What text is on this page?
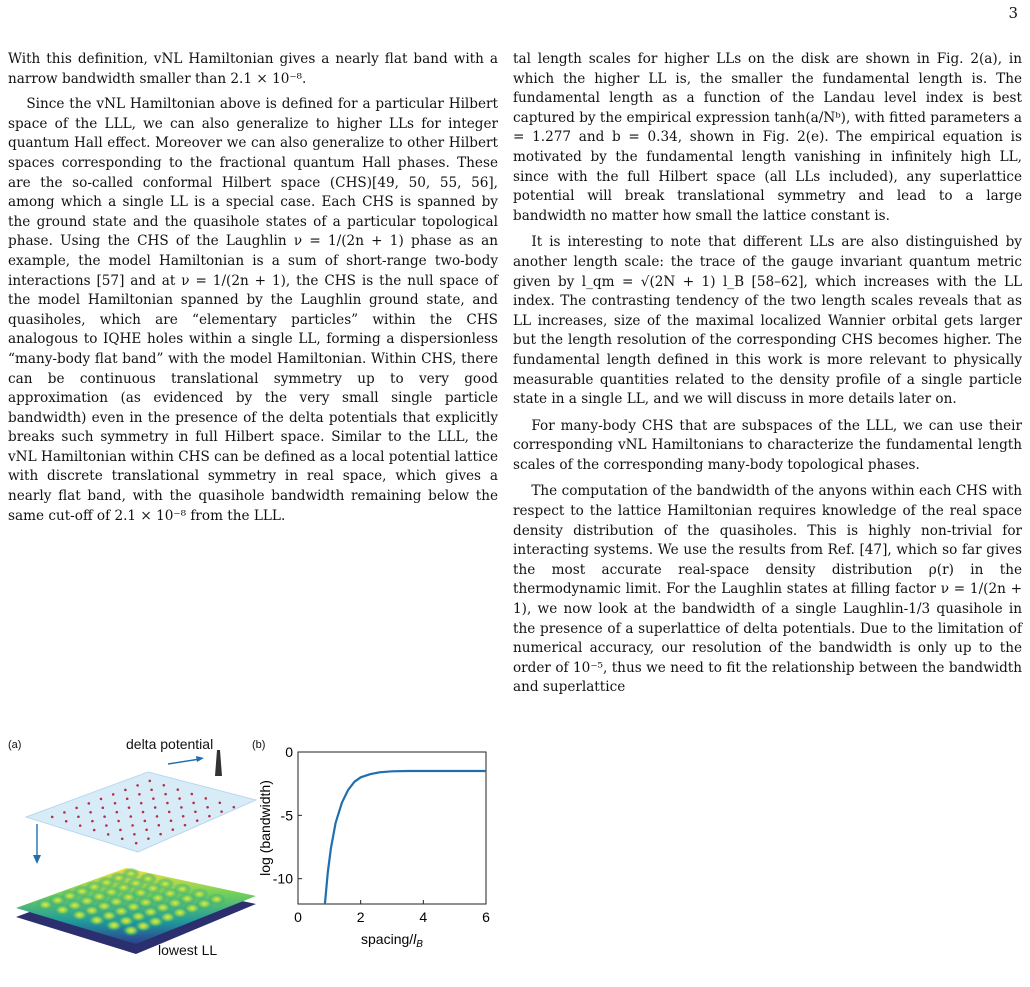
3

With this definition, vNL Hamiltonian gives a nearly flat band with a narrow bandwidth smaller than 2.1 × 10⁻⁸.

Since the vNL Hamiltonian above is defined for a particular Hilbert space of the LLL, we can also generalize to higher LLs for integer quantum Hall effect. Moreover we can also generalize to other Hilbert spaces corresponding to the fractional quantum Hall phases. These are the so-called conformal Hilbert space (CHS)[49, 50, 55, 56], among which a single LL is a special case. Each CHS is spanned by the ground state and the quasihole states of a particular topological phase. Using the CHS of the Laughlin ν = 1/(2n + 1) phase as an example, the model Hamiltonian is a sum of short-range two-body interactions [57] and at ν = 1/(2n + 1), the CHS is the null space of the model Hamiltonian spanned by the Laughlin ground state, and quasiholes, which are “elementary particles” within the CHS analogous to IQHE holes within a single LL, forming a dispersionless “many-body flat band” with the model Hamiltonian. Within CHS, there can be continuous translational symmetry up to very good approximation (as evidenced by the very small single particle bandwidth) even in the presence of the delta potentials that explicitly breaks such symmetry in full Hilbert space. Similar to the LLL, the vNL Hamiltonian within CHS can be defined as a local potential lattice with discrete translational symmetry in real space, which gives a nearly flat band, with the quasihole bandwidth remaining below the same cut-off of 2.1 × 10⁻⁸ from the LLL.

tal length scales for higher LLs on the disk are shown in Fig. 2(a), in which the higher LL is, the smaller the fundamental length is. The fundamental length as a function of the Landau level index is best captured by the empirical expression tanh(a/Nᵇ), with fitted parameters a = 1.277 and b = 0.34, shown in Fig. 2(e). The empirical equation is motivated by the fundamental length vanishing in infinitely high LL, since with the full Hilbert space (all LLs included), any superlattice potential will break translational symmetry and lead to a large bandwidth no matter how small the lattice constant is.

It is interesting to note that different LLs are also distinguished by another length scale: the trace of the gauge invariant quantum metric given by l_qm = √(2N + 1) l_B [58–62], which increases with the LL index. The contrasting tendency of the two length scales reveals that as LL increases, size of the maximal localized Wannier orbital gets larger but the length resolution of the corresponding CHS becomes higher. The fundamental length defined in this work is more relevant to physically measurable quantities related to the density profile of a single particle state in a single LL, and we will discuss in more details later on.

For many-body CHS that are subspaces of the LLL, we can use their corresponding vNL Hamiltonians to characterize the fundamental length scales of the corresponding many-body topological phases.

The computation of the bandwidth of the anyons within each CHS with respect to the lattice Hamiltonian requires knowledge of the real space density distribution of the quasiholes. This is highly non-trivial for interacting systems. We use the results from Ref. [47], which so far gives the most accurate real-space density distribution ρ(r) in the thermodynamic limit. For the Laughlin states at filling factor ν = 1/(2n + 1), we now look at the bandwidth of a single Laughlin-1/3 quasihole in the presence of a superlattice of delta potentials. Due to the limitation of numerical accuracy, our resolution of the bandwidth is only up to the order of 10⁻⁵, thus we need to fit the relationship between the bandwidth and superlattice

(a)	delta potential
lowest LL
(b) 0
-5
-10
0	2	4	6
log (bandwidth)
spacing/$l_B$
